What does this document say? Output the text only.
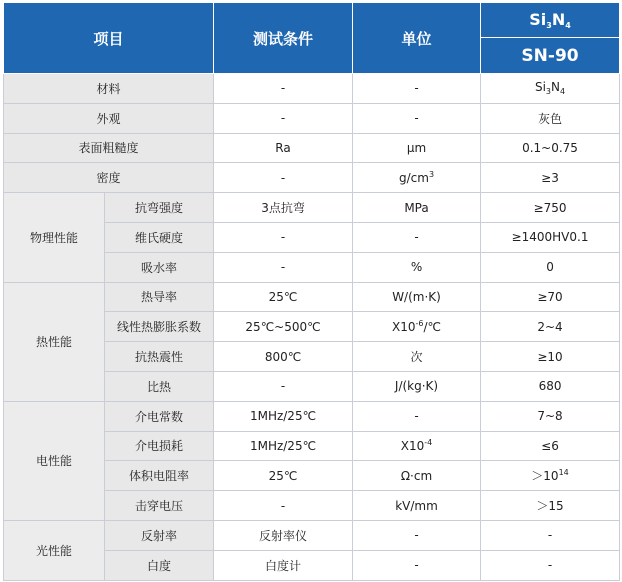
项目		测试条件	单位	$Si_3N_4$
				SN-90
材料		-	-	$Si_3N_4$
外观		-	-	灰色
表面粗糙度		Ra	μm	0.1~0.75
密度		-	$g/cm^3$	≥3
物理性能	抗弯强度	3点抗弯	MPa	≥750
	维氏硬度	-	-	≥1400HV0.1
	吸水率	-	%	0
热性能	热导率	25℃	W/(m·K)	≥70
	线性热膨胀系数	25℃~500℃	$X10^{-6}/℃$	2~4
	抗热震性	800℃	次	≥10
	比热	-	J/(kg·K)	680
电性能	介电常数	1MHz/25℃	-	7~8
	介电损耗	1MHz/25℃	$X10^{-4}$	≤6
	体积电阻率	25℃	Ω·cm	$>10^{14}$
	击穿电压	-	kV/mm	＞15
光性能	反射率	反射率仪	-	-
	白度	白度计	-	-
